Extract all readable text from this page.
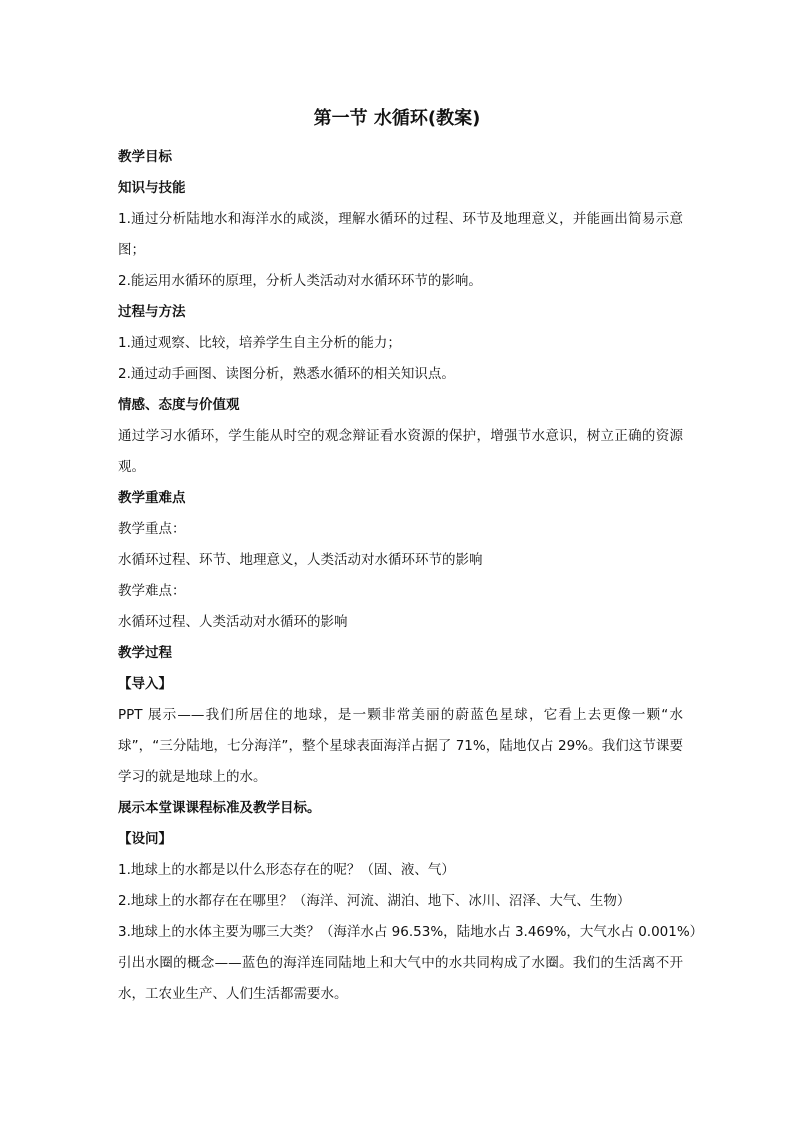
第一节 水循环(教案)

教学目标

知识与技能

1.通过分析陆地水和海洋水的咸淡，理解水循环的过程、环节及地理意义，并能画出简易示意图；

2.能运用水循环的原理，分析人类活动对水循环环节的影响。

过程与方法

1.通过观察、比较，培养学生自主分析的能力；

2.通过动手画图、读图分析，熟悉水循环的相关知识点。

情感、态度与价值观

通过学习水循环，学生能从时空的观念辩证看水资源的保护，增强节水意识，树立正确的资源观。

教学重难点

教学重点：

水循环过程、环节、地理意义，人类活动对水循环环节的影响

教学难点：

水循环过程、人类活动对水循环的影响

教学过程

【导入】

PPT 展示——我们所居住的地球，是一颗非常美丽的蔚蓝色星球，它看上去更像一颗“水球”，“三分陆地，七分海洋”，整个星球表面海洋占据了 71%，陆地仅占 29%。我们这节课要学习的就是地球上的水。

展示本堂课课程标准及教学目标。

【设问】

1.地球上的水都是以什么形态存在的呢？（固、液、气）

2.地球上的水都存在在哪里？（海洋、河流、湖泊、地下、冰川、沼泽、大气、生物）

3.地球上的水体主要为哪三大类？（海洋水占 96.53%，陆地水占 3.469%，大气水占 0.001%）

引出水圈的概念——蓝色的海洋连同陆地上和大气中的水共同构成了水圈。我们的生活离不开水，工农业生产、人们生活都需要水。
